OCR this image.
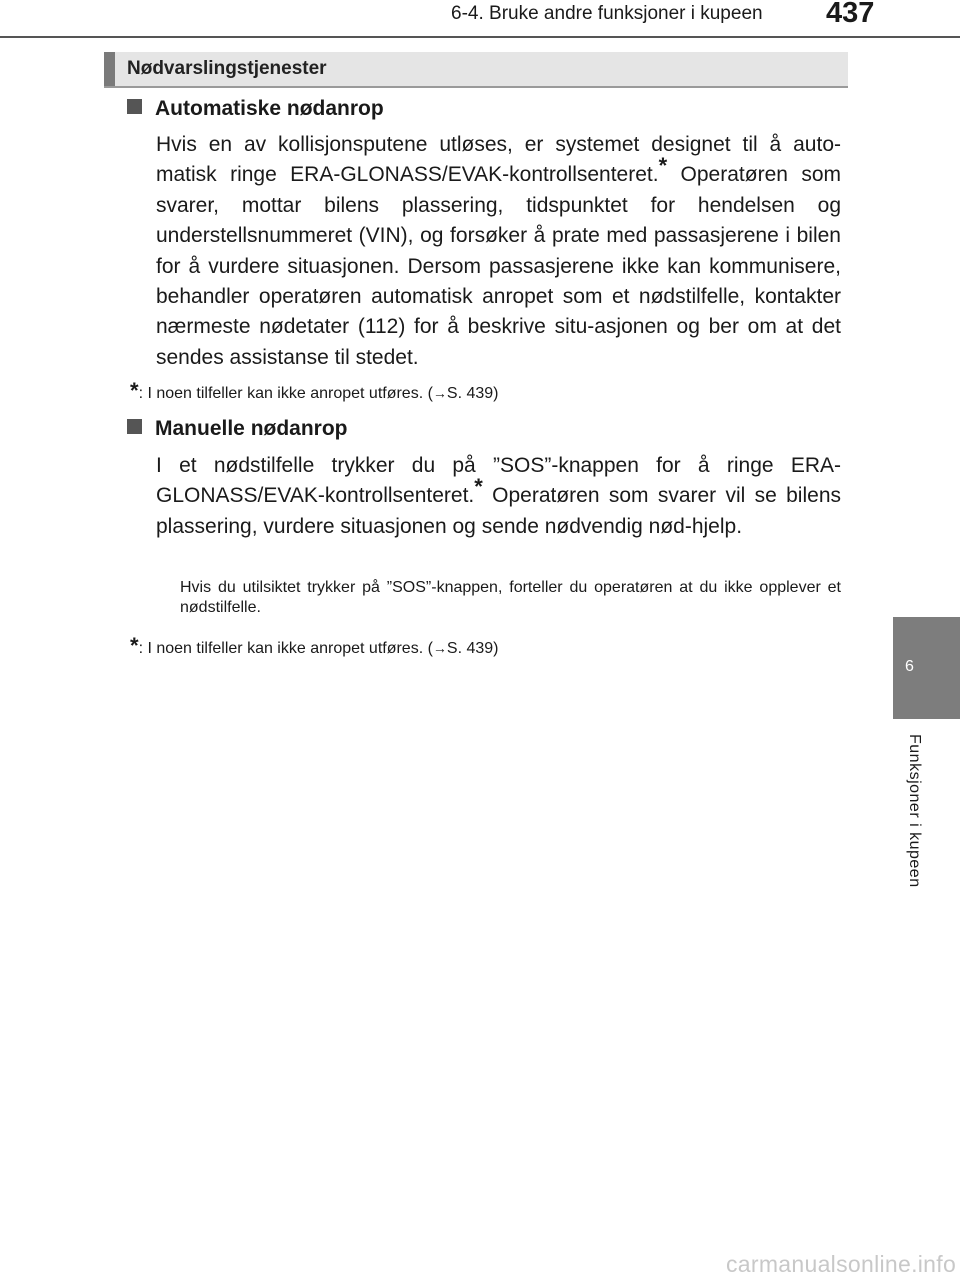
6-4. Bruke andre funksjoner i kupeen 437
Nødvarslingstjenester
Automatiske nødanrop
Hvis en av kollisjonsputene utløses, er systemet designet til å auto- matisk ringe ERA-GLONASS/EVAK-kontrollsenteret.* Operatøren som svarer, mottar bilens plassering, tidspunktet for hendelsen og understellsnummeret (VIN), og forsøker å prate med passasjerene i bilen for å vurdere situasjonen. Dersom passasjerene ikke kan kommunisere, behandler operatøren automatisk anropet som et nødstilfelle, kontakter nærmeste nødetater (112) for å beskrive situ-asjonen og ber om at det sendes assistanse til stedet.
*: I noen tilfeller kan ikke anropet utføres. (→S. 439)
Manuelle nødanrop
I et nødstilfelle trykker du på ”SOS”-knappen for å ringe ERA- GLONASS/EVAK-kontrollsenteret.* Operatøren som svarer vil se bilens plassering, vurdere situasjonen og sende nødvendig nød-hjelp.
Hvis du utilsiktet trykker på ”SOS”-knappen, forteller du operatøren at du ikke opplever et nødstilfelle.
*: I noen tilfeller kan ikke anropet utføres. (→S. 439)
6
Funksjoner i kupeen
carmanualsonline.info
